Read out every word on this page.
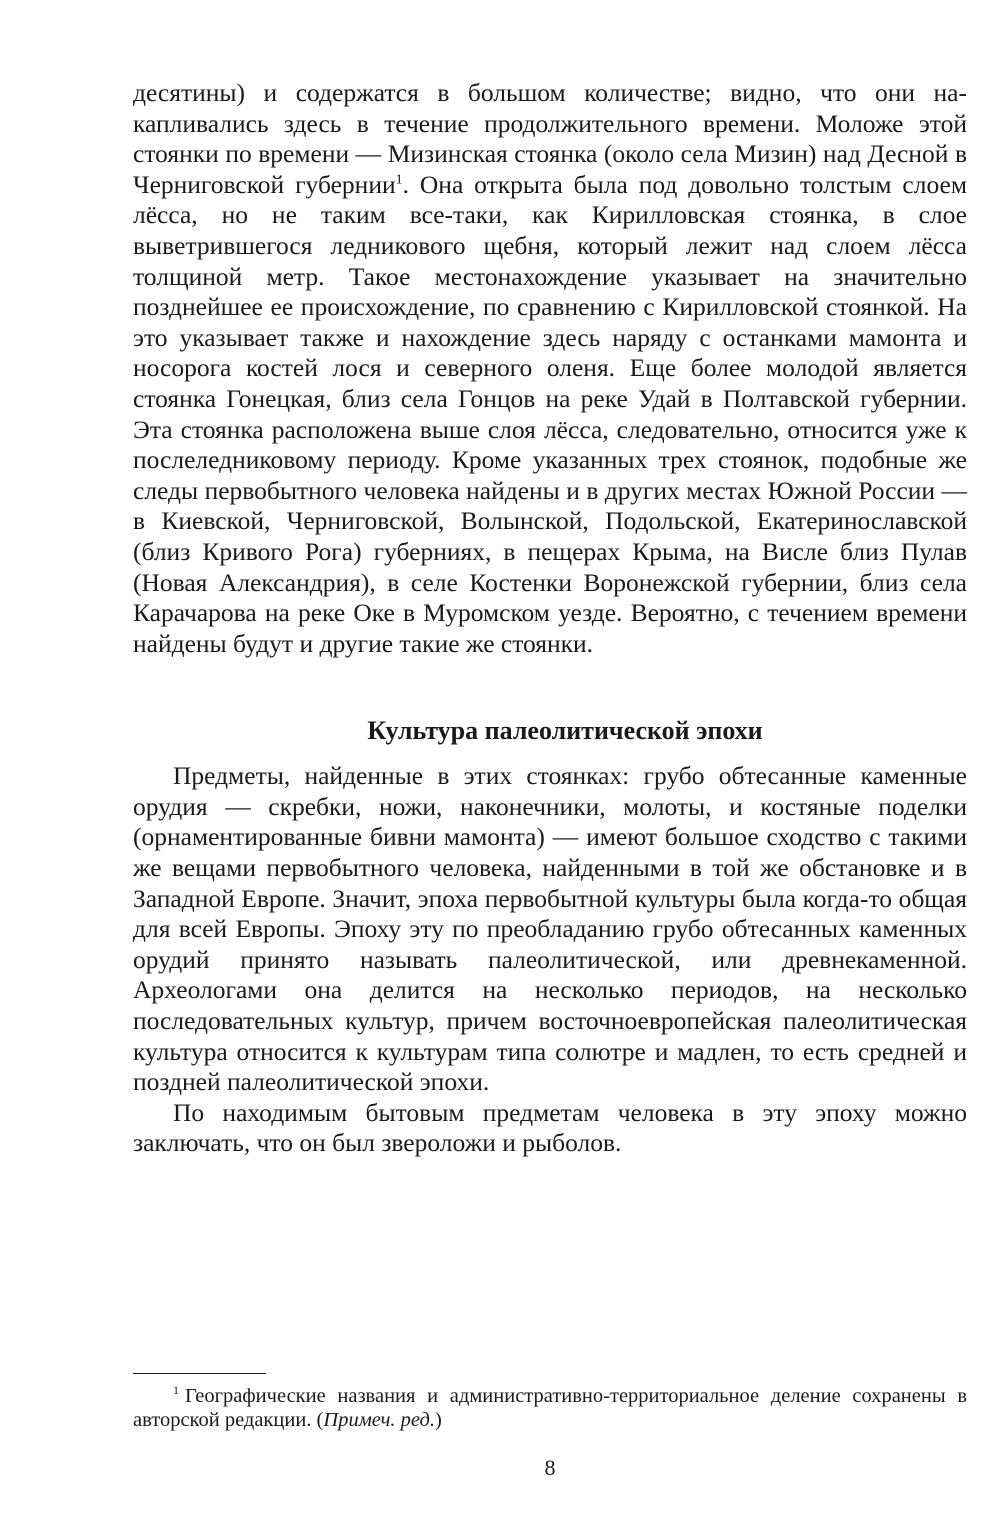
десятины) и содержатся в большом количестве; видно, что они накапливались здесь в течение продолжительного времени. Моложе этой стоянки по времени — Мизинская стоянка (около села Мизин) над Десной в Черниговской губернии$^1$. Она открыта была под довольно толстым слоем лёсса, но не таким все-таки, как Кирилловская стоянка, в слое выветрившегося ледникового щебня, который лежит над слоем лёсса толщиной метр. Такое местонахождение указывает на значительно позднейшее ее происхождение, по сравнению с Кирилловской стоянкой. На это указывает также и нахождение здесь наряду с останками мамонта и носорога костей лося и северного оленя. Еще более молодой является стоянка Гонецкая, близ села Гонцов на реке Удай в Полтавской губернии. Эта стоянка расположена выше слоя лёсса, следовательно, относится уже к послеледниковому периоду. Кроме указанных трех стоянок, подобные же следы первобытного человека найдены и в других местах Южной России — в Киевской, Черниговской, Волынской, Подольской, Екатеринославской (близ Кривого Рога) губерниях, в пещерах Крыма, на Висле близ Пулав (Новая Александрия), в селе Костенки Воронежской губернии, близ села Карачарова на реке Оке в Муромском уезде. Вероятно, с течением времени найдены будут и другие такие же стоянки.

Культура палеолитической эпохи

Предметы, найденные в этих стоянках: грубо обтесанные каменные орудия — скребки, ножи, наконечники, молоты, и костяные поделки (орнаментированные бивни мамонта) — имеют большое сходство с такими же вещами первобытного человека, найденными в той же обстановке и в Западной Европе. Значит, эпоха первобытной культуры была когда-то общая для всей Европы. Эпоху эту по преобладанию грубо обтесанных каменных орудий принято называть палеолитической, или древнекаменной. Археологами она делится на несколько периодов, на несколько последовательных культур, причем восточноевропейская палеолитическая культура относится к культурам типа солютре и мадлен, то есть средней и поздней палеолитической эпохи.

По находимым бытовым предметам человека в эту эпоху можно заключать, что он был звероложи и рыболов.

$^1$ Географические названия и административно-территориальное деление сохранены в авторской редакции. (Примеч. ред.)

8
